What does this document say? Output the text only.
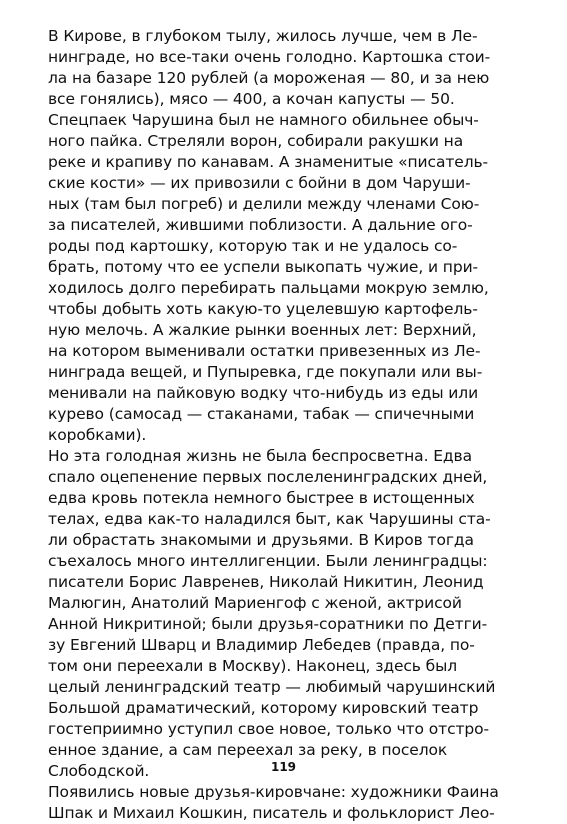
В Кирове, в глубоком тылу, жилось лучше, чем в Ле-
нинграде, но все-таки очень голодно. Картошка стои-
ла на базаре 120 рублей (а мороженая — 80, и за нею
все гонялись), мясо — 400, а кочан капусты — 50.
Спецпаек Чарушина был не намного обильнее обыч-
ного пайка. Стреляли ворон, собирали ракушки на
реке и крапиву по канавам. А знаменитые «писатель-
ские кости» — их привозили с бойни в дом Чаруши-
ных (там был погреб) и делили между членами Сою-
за писателей, жившими поблизости. А дальние ого-
роды под картошку, которую так и не удалось со-
брать, потому что ее успели выкопать чужие, и при-
ходилось долго перебирать пальцами мокрую землю,
чтобы добыть хоть какую-то уцелевшую картофель-
ную мелочь. А жалкие рынки военных лет: Верхний,
на котором выменивали остатки привезенных из Ле-
нинграда вещей, и Пупыревка, где покупали или вы-
менивали на пайковую водку что-нибудь из еды или
курево (самосад — стаканами, табак — спичечными
коробками).
Но эта голодная жизнь не была беспросветна. Едва
спало оцепенение первых послеленинградских дней,
едва кровь потекла немного быстрее в истощенных
телах, едва как-то наладился быт, как Чарушины ста-
ли обрастать знакомыми и друзьями. В Киров тогда
съехалось много интеллигенции. Были ленинградцы:
писатели Борис Лавренев, Николай Никитин, Леонид
Малюгин, Анатолий Мариенгоф с женой, актрисой
Анной Никритиной; были друзья-соратники по Детги-
зу Евгений Шварц и Владимир Лебедев (правда, по-
том они переехали в Москву). Наконец, здесь был
целый ленинградский театр — любимый чарушинский
Большой драматический, которому кировский театр
гостеприимно уступил свое новое, только что отстро-
енное здание, а сам переехал за реку, в поселок
Слободской.
Появились новые друзья-кировчане: художники Фаина
Шпак и Михаил Кошкин, писатель и фольклорист Лео-
119
